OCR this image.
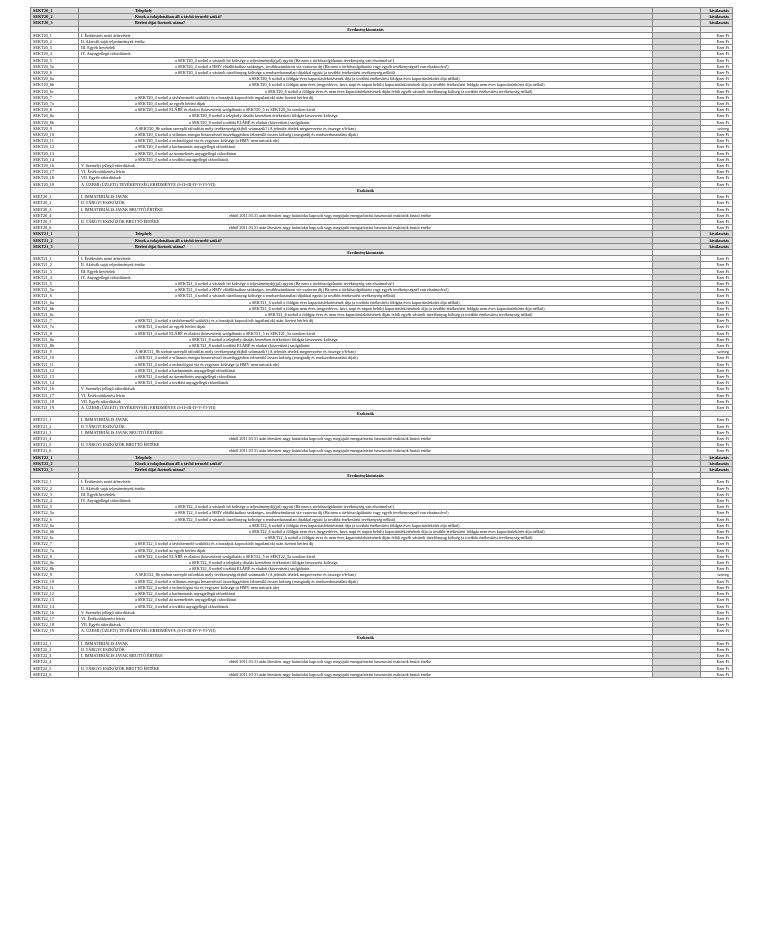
SEKT20_1	Telephely		kiválasztás
SEKT20_2	Kinek a tulajdonában áll a távhő termelő szükő?		kiválasztás
SEKT20_3	Bérleti díjat fizetnek utána?		kiválasztás
	Eredménykimutatás		
SEKT20_1	I. Értékesítés nettó árbevétele		Ezer Ft
SEKT20_2	II. Aktivált saját teljesítmények értéke		Ezer Ft
SEKT20_3	III. Egyéb bevételek		Ezer Ft
SEKT20_4	IV. Anyagjellegű ráfordítások		Ezer Ft
SEKT20_5	a SEKT20_4 sorból a vásárolt hő költsége a teljesítménydíj(jal) együtt (Ha nem a távhőszolgáltatási tevékenység van elszámolva!)		Ezer Ft
SEKT20_5a	a SEKT20_4 sorból a HMV előállításához szükséges, továbbszámlázott víz-csatorna díj (Ha nem a távhőszolgáltatási vagy egyéb tevékenységnél van elszámolva!)		Ezer Ft
SEKT20_6	a SEKT20_4 sorból a vásárolt tüzelőanyag költsége a rendszerhasználati díjakkal együtt (a további értékesítési tevékenység nélkül)		Ezer Ft
SEKT20_6a	a SEKT20_6 sorból a földgáz éves kapacitáslekötésének díja (a további értékesítési földgáz éves kapacitáslekötés díja nélkül)		Ezer Ft
SEKT20_6b	a SEKT20_6 sorból a földgáz nem éves (negyedéves, havi, napi és napon belüli) kapacitáslekötésének díja (a további értékesítési földgáz nem éves kapacitáslekötés díja nélkül)		Ezer Ft
SEKT20_6c	a SEKT20_6 sorból a földgáz éves és nem éves kapacitáslekötésének díján felüli egyéb vásárolt tüzelőanyag költség (a további értékesítési tevékenység nélkül)		Ezer Ft
SEKT20_7	a SEKT20_4 sorból a távhőtermelő szükő(k) és a hozzájuk kapcsolódó ingatlan(ok) után fizetett bérleti díj		Ezer Ft
SEKT20_7a	a SEKT20_4 sorból az egyéb bérleti díjak		Ezer Ft
SEKT20_8	a SEKT20_4 sorból ELÁBÉ és eladott (közvetített) szolgáltatás a SEKT20_5 és SEKT20_5a sorokon kívül		Ezer Ft
SEKT20_8a	a SEKT20_8 sorból a telephely díszlás keretében értékesített földgáz beszerzési költsége		Ezer Ft
SEKT20_8b	a SEKT20_8 sorból további ELÁBÉ és eladott (közvetített) szolgáltatás		Ezer Ft
SEKT20_9	A SEKT20_8b sorban szereplő ráfordítás mely tevékenység(ek)ből származik? (A jelentős tételek megnevezése és összege e/b-ban)		szöveg
SEKT20_10	a SEKT20_4 sorból a villamos energia beszerzéssel összefüggésben felmerülő összes költség (energiadíj és rendszerhasználati díjak)		Ezer Ft
SEKT20_11	a SEKT20_4 sorból a technológiai víz és vegyszer költsége (a HMV nem tartozik ide)		Ezer Ft
SEKT20_12	a SEKT20_4 sorból a karbantartás anyagjellegű ráfordításai		Ezer Ft
SEKT20_13	a SEKT20_4 sorból az üzemeltetés anyagjellegű ráfordításai		Ezer Ft
SEKT20_14	a SEKT20_4 sorból a további anyagjellegű ráfordítások		Ezer Ft
SEKT20_16	V. Személyi jellegű ráfordítások		Ezer Ft
SEKT20_17	VI. Értékcsökkenési leírás		Ezer Ft
SEKT20_18	VII. Egyéb ráfordítások		Ezer Ft
SEKT20_19	A. ÜZEMI (ÜZLETI) TEVÉKENYSÉG EREDMÉNYE (I+II+III-IV-V-VI-VII)		Ezer Ft
	Eszközök		
SEET20_1	I. IMMATERIÁLIS JAVAK		Ezer Ft
SEET20_2	II. TÁRGYI ESZKÖZÖK		Ezer Ft
SEET20_3	I. IMMATERIÁLIS JAVAK BRUTTÓ ÉRTÉKE		Ezer Ft
SEET20_4	ebből 2011.03.31 után létesített nagy hatásfokú kapcsolt vagy megújuló energiaforrást hasznosító eszközök bruttó értéke		Ezer Ft
SEET20_5	II. TÁRGYI ESZKÖZÖK BRUTTÓ ÉRTÉKE		Ezer Ft
SEET20_6	ebből 2011.03.31 után létesített nagy hatásfokú kapcsolt vagy megújuló energiaforrást hasznosító eszközök bruttó értéke		Ezer Ft
SEKT21_1	Telephely		kiválasztás
SEKT21_2	Kinek a tulajdonában áll a távhő termelő szükő?		kiválasztás
SEKT21_3	Bérleti díjat fizetnek utána?		kiválasztás
	Eredménykimutatás		
SEKT21_1	I. Értékesítés nettó árbevétele		Ezer Ft
SEKT21_2	II. Aktivált saját teljesítmények értéke		Ezer Ft
SEKT21_3	III. Egyéb bevételek		Ezer Ft
SEKT21_4	IV. Anyagjellegű ráfordítások		Ezer Ft
SEKT21_5	a SEKT21_4 sorból a vásárolt hő költsége a teljesítménydíj(jal) együtt (Ha nem a távhőszolgáltatási tevékenység van elszámolva!)		Ezer Ft
SEKT21_5a	a SEKT21_4 sorból a HMV előállításához szükséges, továbbszámlázott víz-csatorna díj (Ha nem a távhőszolgáltatási vagy egyéb tevékenységnél van elszámolva!)		Ezer Ft
SEKT21_6	a SEKT21_4 sorból a vásárolt tüzelőanyag költsége a rendszerhasználati díjakkal együtt (a további értékesítési tevékenység nélkül)		Ezer Ft
SEKT21_6a	a SEKT21_6 sorból a földgáz éves kapacitáslekötésének díja (a további értékesítési földgáz éves kapacitáslekötés díja nélkül)		Ezer Ft
SEKT21_6b	a SEKT21_6 sorból a földgáz nem éves (negyedéves, havi, napi és napon belüli) kapacitáslekötésének díja (a további értékesítési földgáz nem éves kapacitáslekötés díja nélkül)		Ezer Ft
SEKT21_6c	a SEKT21_6 sorból a földgáz éves és nem éves kapacitáslekötésének díján felüli egyéb vásárolt tüzelőanyag költség (a további értékesítési tevékenység nélkül)		Ezer Ft
SEKT21_7	a SEKT21_4 sorból a távhőtermelő szükő(k) és a hozzájuk kapcsolódó ingatlan(ok) után fizetett bérleti díj		Ezer Ft
SEKT21_7a	a SEKT21_4 sorból az egyéb bérleti díjak		Ezer Ft
SEKT21_8	a SEKT21_4 sorból ELÁBÉ és eladott (közvetített) szolgáltatás a SEKT21_5 és SEKT21_5a sorokon kívül		Ezer Ft
SEKT21_8a	a SEKT21_8 sorból a telephely díszlás keretében értékesített földgáz beszerzési költsége		Ezer Ft
SEKT21_8b	a SEKT21_8 sorból további ELÁBÉ és eladott (közvetített) szolgáltatás		Ezer Ft
SEKT21_9	A SEKT21_8b sorban szereplő ráfordítás mely tevékenység(ek)ből származik? (A jelentős tételek megnevezése és összege e/b-ban)		szöveg
SEKT21_10	a SEKT21_4 sorból a villamos energia beszerzéssel összefüggésben felmerülő összes költség (energiadíj és rendszerhasználati díjak)		Ezer Ft
SEKT21_11	a SEKT21_4 sorból a technológiai víz és vegyszer költsége (a HMV nem tartozik ide)		Ezer Ft
SEKT21_12	a SEKT21_4 sorból a karbantartás anyagjellegű ráfordításai		Ezer Ft
SEKT21_13	a SEKT21_4 sorból az üzemeltetés anyagjellegű ráfordításai		Ezer Ft
SEKT21_14	a SEKT21_4 sorból a további anyagjellegű ráfordítások		Ezer Ft
SEKT21_16	V. Személyi jellegű ráfordítások		Ezer Ft
SEKT21_17	VI. Értékcsökkenési leírás		Ezer Ft
SEKT21_18	VII. Egyéb ráfordítások		Ezer Ft
SEKT21_19	A. ÜZEMI (ÜZLETI) TEVÉKENYSÉG EREDMÉNYE (I+II+III-IV-V-VI-VII)		Ezer Ft
	Eszközök		
SEET21_1	I. IMMATERIÁLIS JAVAK		Ezer Ft
SEET21_2	II. TÁRGYI ESZKÖZÖK		Ezer Ft
SEET21_3	I. IMMATERIÁLIS JAVAK BRUTTÓ ÉRTÉKE		Ezer Ft
SEET21_4	ebből 2011.03.31 után létesített nagy hatásfokú kapcsolt vagy megújuló energiaforrást hasznosító eszközök bruttó értéke		Ezer Ft
SEET21_5	II. TÁRGYI ESZKÖZÖK BRUTTÓ ÉRTÉKE		Ezer Ft
SEET21_6	ebből 2011.03.31 után létesített nagy hatásfokú kapcsolt vagy megújuló energiaforrást hasznosító eszközök bruttó értéke		Ezer Ft
SEKT22_1	Telephely		kiválasztás
SEKT22_2	Kinek a tulajdonában áll a távhő termelő szükő?		kiválasztás
SEKT22_3	Bérleti díjat fizetnek utána?		kiválasztás
	Eredménykimutatás		
SEKT22_1	I. Értékesítés nettó árbevétele		Ezer Ft
SEKT22_2	II. Aktivált saját teljesítmények értéke		Ezer Ft
SEKT22_3	III. Egyéb bevételek		Ezer Ft
SEKT22_4	IV. Anyagjellegű ráfordítások		Ezer Ft
SEKT22_5	a SEKT22_4 sorból a vásárolt hő költsége a teljesítménydíj(jal) együtt (Ha nem a távhőszolgáltatási tevékenység van elszámolva!)		Ezer Ft
SEKT22_5a	a SEKT22_4 sorból a HMV előállításához szükséges, továbbszámlázott víz-csatorna díj (Ha nem a távhőszolgáltatási vagy egyéb tevékenységnél van elszámolva!)		Ezer Ft
SEKT22_6	a SEKT22_4 sorból a vásárolt tüzelőanyag költsége a rendszerhasználati díjakkal együtt (a további értékesítési tevékenység nélkül)		Ezer Ft
SEKT22_6a	a SEKT22_6 sorból a földgáz éves kapacitáslekötésének díja (a további értékesítési földgáz éves kapacitáslekötés díja nélkül)		Ezer Ft
SEKT22_6b	a SEKT22_6 sorból a földgáz nem éves (negyedéves, havi, napi és napon belüli) kapacitáslekötésének díja (a további értékesítési földgáz nem éves kapacitáslekötés díja nélkül)		Ezer Ft
SEKT22_6c	a SEKT22_6 sorból a földgáz éves és nem éves kapacitáslekötésének díján felüli egyéb vásárolt tüzelőanyag költség (a további értékesítési tevékenység nélkül)		Ezer Ft
SEKT22_7	a SEKT22_4 sorból a távhőtermelő szükő(k) és a hozzájuk kapcsolódó ingatlan(ok) után fizetett bérleti díj		Ezer Ft
SEKT22_7a	a SEKT22_4 sorból az egyéb bérleti díjak		Ezer Ft
SEKT22_8	a SEKT22_4 sorból ELÁBÉ és eladott (közvetített) szolgáltatás a SEKT22_5 és SEKT22_5a sorokon kívül		Ezer Ft
SEKT22_8a	a SEKT22_8 sorból a telephely díszlás keretében értékesített földgáz beszerzési költsége		Ezer Ft
SEKT22_8b	a SEKT22_8 sorból további ELÁBÉ és eladott (közvetített) szolgáltatás		Ezer Ft
SEKT22_9	A SEKT22_8b sorban szereplő ráfordítás mely tevékenység(ek)ből származik? (A jelentős tételek megnevezése és összege e/b-ban)		szöveg
SEKT22_10	a SEKT22_4 sorból a villamos energia beszerzéssel összefüggésben felmerülő összes költség (energiadíj és rendszerhasználati díjak)		Ezer Ft
SEKT22_11	a SEKT22_4 sorból a technológiai víz és vegyszer költsége (a HMV nem tartozik ide)		Ezer Ft
SEKT22_12	a SEKT22_4 sorból a karbantartás anyagjellegű ráfordításai		Ezer Ft
SEKT22_13	a SEKT22_4 sorból az üzemeltetés anyagjellegű ráfordításai		Ezer Ft
SEKT22_14	a SEKT22_4 sorból a további anyagjellegű ráfordítások		Ezer Ft
SEKT22_16	V. Személyi jellegű ráfordítások		Ezer Ft
SEKT22_17	VI. Értékcsökkenési leírás		Ezer Ft
SEKT22_18	VII. Egyéb ráfordítások		Ezer Ft
SEKT22_19	A. ÜZEMI (ÜZLETI) TEVÉKENYSÉG EREDMÉNYE (I+II+III-IV-V-VI-VII)		Ezer Ft
	Eszközök		
SEET22_1	I. IMMATERIÁLIS JAVAK		Ezer Ft
SEET22_2	II. TÁRGYI ESZKÖZÖK		Ezer Ft
SEET22_3	I. IMMATERIÁLIS JAVAK BRUTTÓ ÉRTÉKE		Ezer Ft
SEET22_4	ebből 2011.03.31 után létesített nagy hatásfokú kapcsolt vagy megújuló energiaforrást hasznosító eszközök bruttó értéke		Ezer Ft
SEET22_5	II. TÁRGYI ESZKÖZÖK BRUTTÓ ÉRTÉKE		Ezer Ft
SEET22_6	ebből 2011.03.31 után létesített nagy hatásfokú kapcsolt vagy megújuló energiaforrást hasznosító eszközök bruttó értéke		Ezer Ft
